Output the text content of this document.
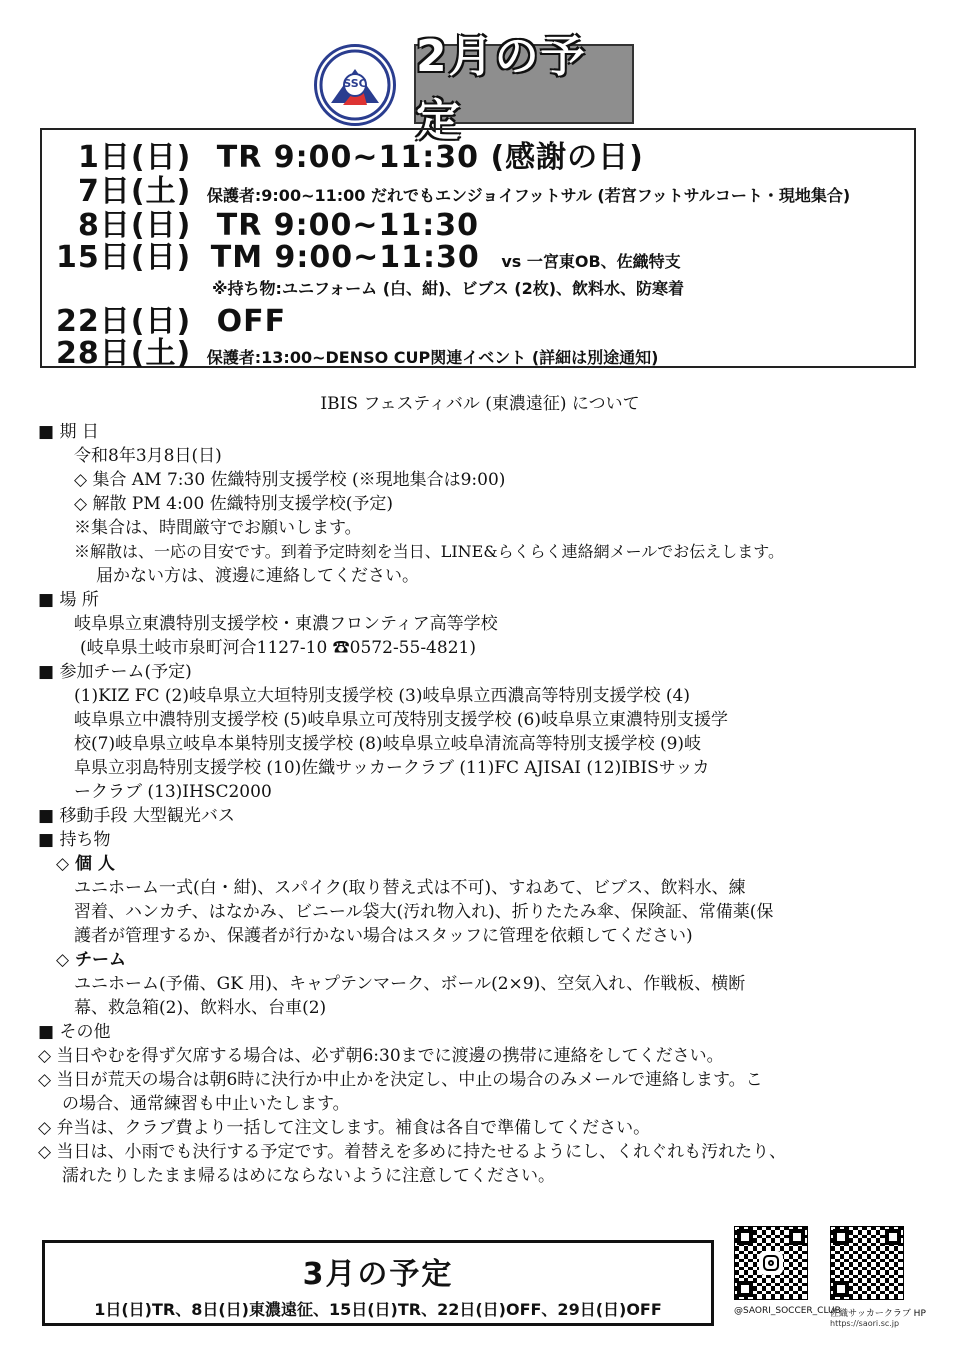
SSC
2月の予定
1日(日) TR 9:00~11:30 (感謝の日)
7日(土) 保護者:9:00~11:00 だれでもエンジョイフットサル (若宮フットサルコート・現地集合)
8日(日) TR 9:00~11:30
15日(日) TM 9:00~11:30 vs 一宮東OB、佐織特支
※持ち物:ユニフォーム (白、紺)、ビブス (2枚)、飲料水、防寒着
22日(日) OFF
28日(土) 保護者:13:00~DENSO CUP関連イベント (詳細は別途通知)

IBIS フェスティバル (東濃遠征) について

■ 期 日

令和8年3月8日(日)

◇ 集合 AM 7:30 佐織特別支援学校 (※現地集合は9:00)

◇ 解散 PM 4:00 佐織特別支援学校(予定)

※集合は、時間厳守でお願いします。

※解散は、一応の目安です。到着予定時刻を当日、LINE&らくらく連絡網メールでお伝えします。

届かない方は、渡邊に連絡してください。

■ 場 所

岐阜県立東濃特別支援学校・東濃フロンティア高等学校

(岐阜県土岐市泉町河合1127-10 ☎0572-55-4821)

■ 参加チーム(予定)

(1)KIZ FC (2)岐阜県立大垣特別支援学校 (3)岐阜県立西濃高等特別支援学校 (4)

岐阜県立中濃特別支援学校 (5)岐阜県立可茂特別支援学校 (6)岐阜県立東濃特別支援学

校(7)岐阜県立岐阜本巣特別支援学校 (8)岐阜県立岐阜清流高等特別支援学校 (9)岐

阜県立羽島特別支援学校 (10)佐織サッカークラブ (11)FC AJISAI (12)IBISサッカ

ークラブ (13)IHSC2000

■ 移動手段 大型観光バス

■ 持ち物

◇ 個 人

ユニホーム一式(白・紺)、スパイク(取り替え式は不可)、すねあて、ビブス、飲料水、練

習着、ハンカチ、はなかみ、ビニール袋大(汚れ物入れ)、折りたたみ傘、保険証、常備薬(保

護者が管理するか、保護者が行かない場合はスタッフに管理を依頼してください)

◇ チーム

ユニホーム(予備、GK 用)、キャプテンマーク、ボール(2×9)、空気入れ、作戦板、横断

幕、救急箱(2)、飲料水、台車(2)

■ その他

◇ 当日やむを得ず欠席する場合は、必ず朝6:30までに渡邊の携帯に連絡をしてください。

◇ 当日が荒天の場合は朝6時に決行か中止かを決定し、中止の場合のみメールで連絡します。こ

の場合、通常練習も中止いたします。

◇ 弁当は、クラブ費より一括して注文します。補食は各自で準備してください。

◇ 当日は、小雨でも決行する予定です。着替えを多めに持たせるようにし、くれぐれも汚れたり、

濡れたりしたまま帰るはめにならないように注意してください。

3月の予定
1日(日)TR、8日(日)東濃遠征、15日(日)TR、22日(日)OFF、29日(日)OFF	@SAORI_SOCCER_CLUB
佐織サッカークラブ HP
https://saori.sc.jp
